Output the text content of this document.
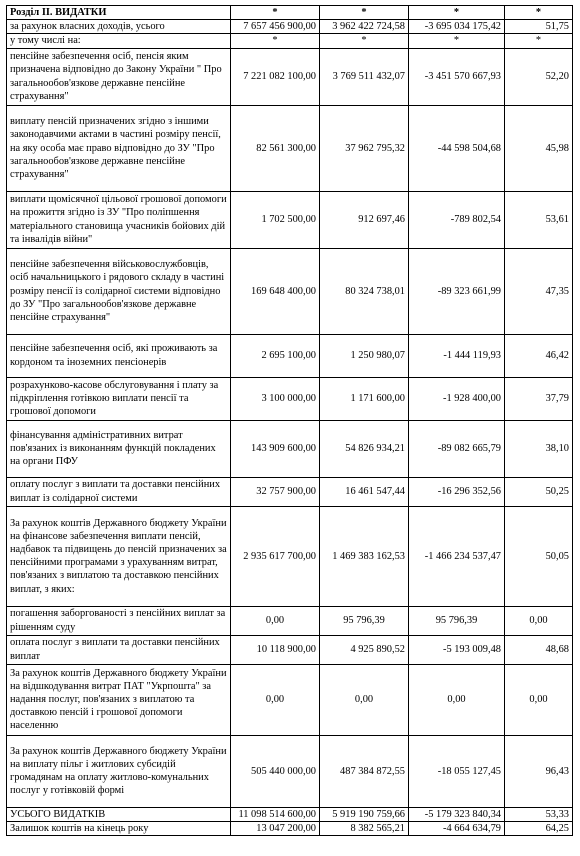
Розділ ІІ. ВИДАТКИ	*	*	*	*
за рахунок власних доходів, усього	7 657 456 900,00	3 962 422 724,58	-3 695 034 175,42	51,75
у тому числі на:	*	*	*	*
пенсійне забезпечення осіб, пенсія яким призначена відповідно до Закону України " Про загальнообов'язкове державне пенсійне страхування"	7 221 082 100,00	3 769 511 432,07	-3 451 570 667,93	52,20
виплату пенсій призначених згідно з іншими законодавчими актами в частині розміру пенсії, на яку особа має право відповідно до ЗУ "Про загальнообов'язкове державне пенсійне страхування"	82 561 300,00	37 962 795,32	-44 598 504,68	45,98
виплати щомісячної цільової грошової допомоги на прожиття згідно із ЗУ "Про поліпшення матеріального становища учасників бойових дій та інвалідів війни"	1 702 500,00	912 697,46	-789 802,54	53,61
пенсійне забезпечення військовослужбовців, осіб начальницького і рядового складу в частині розміру пенсії із солідарної системи відповідно до ЗУ "Про загальнообов'язкове державне пенсійне страхування"	169 648 400,00	80 324 738,01	-89 323 661,99	47,35
пенсійне забезпечення осіб, які проживають за кордоном та іноземних пенсіонерів	2 695 100,00	1 250 980,07	-1 444 119,93	46,42
розрахунково-касове обслуговування і плату за підкріплення готівкою виплати пенсії та грошової допомоги	3 100 000,00	1 171 600,00	-1 928 400,00	37,79
фінансування адміністративних витрат пов'язаних із виконанням функцій покладених на органи ПФУ	143 909 600,00	54 826 934,21	-89 082 665,79	38,10
оплату послуг з виплати та доставки пенсійних виплат із солідарної системи	32 757 900,00	16 461 547,44	-16 296 352,56	50,25
За рахунок коштів Державного бюджету України на фінансове забезпечення виплати пенсій, надбавок та підвищень до пенсій призначених за пенсійними програмами з урахуванням витрат, пов'язаних з виплатою та доставкою пенсійних виплат, з яких:	2 935 617 700,00	1 469 383 162,53	-1 466 234 537,47	50,05
погашення заборгованості з пенсійних виплат за рішенням суду	0,00	95 796,39	95 796,39	0,00
оплата послуг з виплати та доставки пенсійних виплат	10 118 900,00	4 925 890,52	-5 193 009,48	48,68
За рахунок коштів Державного бюджету України на відшкодування витрат ПАТ "Укрпошта" за надання послуг, пов'язаних з виплатою та доставкою пенсій і грошової допомоги населенню	0,00	0,00	0,00	0,00
За рахунок коштів Державного бюджету України на виплату пільг і житлових субсидій громадянам на оплату житлово-комунальних послуг у готівковій формі	505 440 000,00	487 384 872,55	-18 055 127,45	96,43
УСЬОГО ВИДАТКІВ	11 098 514 600,00	5 919 190 759,66	-5 179 323 840,34	53,33
Залишок коштів на кінець року	13 047 200,00	8 382 565,21	-4 664 634,79	64,25
